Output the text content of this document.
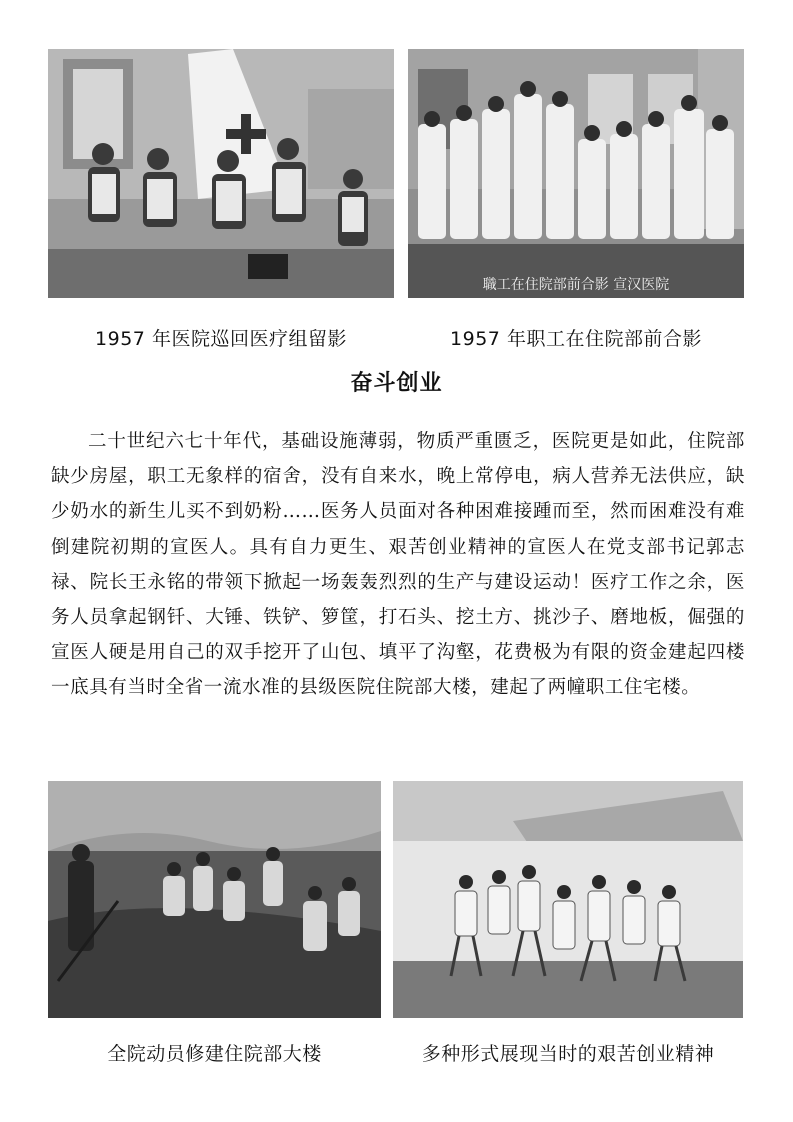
1957 年医院巡回医疗组留影
職工在住院部前合影 宣汉医院
1957 年职工在住院部前合影
奋斗创业

二十世纪六七十年代，基础设施薄弱，物质严重匮乏，医院更是如此，住院部缺少房屋，职工无象样的宿舍，没有自来水，晚上常停电，病人营养无法供应，缺少奶水的新生儿买不到奶粉……医务人员面对各种困难接踵而至，然而困难没有难倒建院初期的宣医人。具有自力更生、艰苦创业精神的宣医人在党支部书记郭志禄、院长王永铭的带领下掀起一场轰轰烈烈的生产与建设运动！医疗工作之余，医务人员拿起钢钎、大锤、铁铲、箩筐，打石头、挖土方、挑沙子、磨地板，倔强的宣医人硬是用自己的双手挖开了山包、填平了沟壑，花费极为有限的资金建起四楼一底具有当时全省一流水准的县级医院住院部大楼，建起了两幢职工住宅楼。

全院动员修建住院部大楼	多种形式展现当时的艰苦创业精神
